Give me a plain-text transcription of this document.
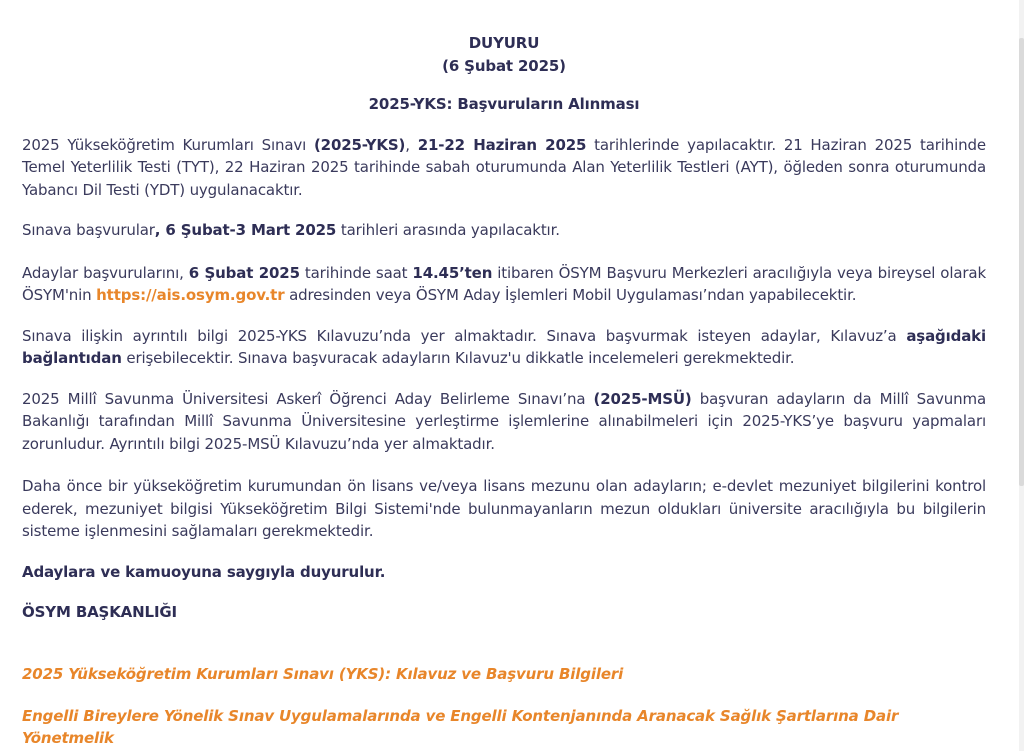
DUYURU
(6 Şubat 2025)
2025-YKS: Başvuruların Alınması

2025 Yükseköğretim Kurumları Sınavı (2025-YKS), 21-22 Haziran 2025 tarihlerinde yapılacaktır. 21 Haziran 2025 tarihinde Temel Yeterlilik Testi (TYT), 22 Haziran 2025 tarihinde sabah oturumunda Alan Yeterlilik Testleri (AYT), öğleden sonra oturumunda Yabancı Dil Testi (YDT) uygulanacaktır.

Sınava başvurular, 6 Şubat-3 Mart 2025 tarihleri arasında yapılacaktır.

Adaylar başvurularını, 6 Şubat 2025 tarihinde saat 14.45’ten itibaren ÖSYM Başvuru Merkezleri aracılığıyla veya bireysel olarak ÖSYM'nin https://ais.osym.gov.tr adresinden veya ÖSYM Aday İşlemleri Mobil Uygulaması’ndan yapabilecektir.

Sınava ilişkin ayrıntılı bilgi 2025-YKS Kılavuzu’nda yer almaktadır. Sınava başvurmak isteyen adaylar, Kılavuz’a aşağıdaki bağlantıdan erişebilecektir. Sınava başvuracak adayların Kılavuz'u dikkatle incelemeleri gerekmektedir.

2025 Millî Savunma Üniversitesi Askerî Öğrenci Aday Belirleme Sınavı’na (2025-MSÜ) başvuran adayların da Millî Savunma Bakanlığı tarafından Millî Savunma Üniversitesine yerleştirme işlemlerine alınabilmeleri için 2025-YKS’ye başvuru yapmaları zorunludur. Ayrıntılı bilgi 2025-MSÜ Kılavuzu’nda yer almaktadır.

Daha önce bir yükseköğretim kurumundan ön lisans ve/veya lisans mezunu olan adayların; e-devlet mezuniyet bilgilerini kontrol ederek, mezuniyet bilgisi Yükseköğretim Bilgi Sistemi'nde bulunmayanların mezun oldukları üniversite aracılığıyla bu bilgilerin sisteme işlenmesini sağlamaları gerekmektedir.

Adaylara ve kamuoyuna saygıyla duyurulur.

ÖSYM BAŞKANLIĞI

2025 Yükseköğretim Kurumları Sınavı (YKS): Kılavuz ve Başvuru Bilgileri
Engelli Bireylere Yönelik Sınav Uygulamalarında ve Engelli Kontenjanında Aranacak Sağlık Şartlarına Dair Yönetmelik
